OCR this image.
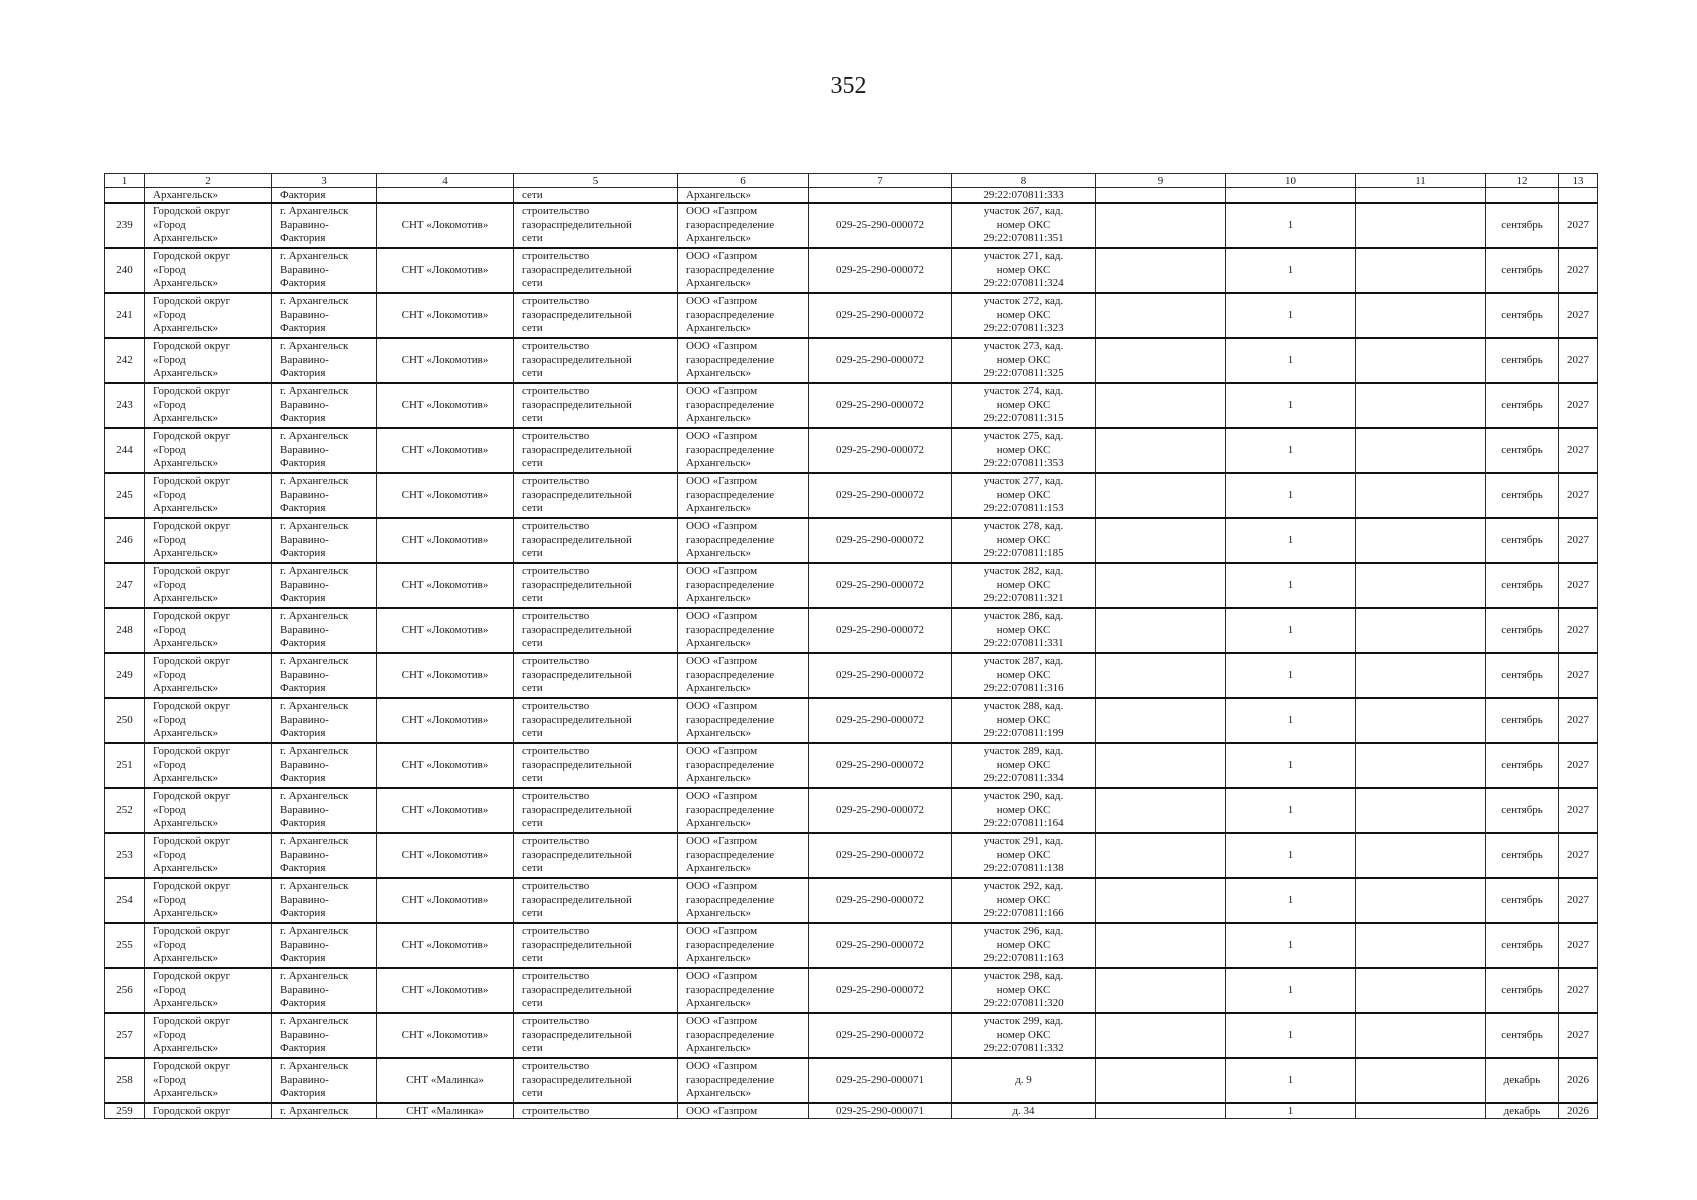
352
1	2	3	4	5	6	7	8	9	10	11	12	13
	Архангельск»	Фактория		сети	Архангельск»		29:22:070811:333					
239	Городской округ
«Город
Архангельск»	г. Архангельск
Варавино-
Фактория	СНТ «Локомотив»	строительство
газораспределительной
сети	ООО «Газпром
газораспределение
Архангельск»	029-25-290-000072	участок 267, кад.
номер ОКС
29:22:070811:351		1		сентябрь	2027
240	Городской округ
«Город
Архангельск»	г. Архангельск
Варавино-
Фактория	СНТ «Локомотив»	строительство
газораспределительной
сети	ООО «Газпром
газораспределение
Архангельск»	029-25-290-000072	участок 271, кад.
номер ОКС
29:22:070811:324		1		сентябрь	2027
241	Городской округ
«Город
Архангельск»	г. Архангельск
Варавино-
Фактория	СНТ «Локомотив»	строительство
газораспределительной
сети	ООО «Газпром
газораспределение
Архангельск»	029-25-290-000072	участок 272, кад.
номер ОКС
29:22:070811:323		1		сентябрь	2027
242	Городской округ
«Город
Архангельск»	г. Архангельск
Варавино-
Фактория	СНТ «Локомотив»	строительство
газораспределительной
сети	ООО «Газпром
газораспределение
Архангельск»	029-25-290-000072	участок 273, кад.
номер ОКС
29:22:070811:325		1		сентябрь	2027
243	Городской округ
«Город
Архангельск»	г. Архангельск
Варавино-
Фактория	СНТ «Локомотив»	строительство
газораспределительной
сети	ООО «Газпром
газораспределение
Архангельск»	029-25-290-000072	участок 274, кад.
номер ОКС
29:22:070811:315		1		сентябрь	2027
244	Городской округ
«Город
Архангельск»	г. Архангельск
Варавино-
Фактория	СНТ «Локомотив»	строительство
газораспределительной
сети	ООО «Газпром
газораспределение
Архангельск»	029-25-290-000072	участок 275, кад.
номер ОКС
29:22:070811:353		1		сентябрь	2027
245	Городской округ
«Город
Архангельск»	г. Архангельск
Варавино-
Фактория	СНТ «Локомотив»	строительство
газораспределительной
сети	ООО «Газпром
газораспределение
Архангельск»	029-25-290-000072	участок 277, кад.
номер ОКС
29:22:070811:153		1		сентябрь	2027
246	Городской округ
«Город
Архангельск»	г. Архангельск
Варавино-
Фактория	СНТ «Локомотив»	строительство
газораспределительной
сети	ООО «Газпром
газораспределение
Архангельск»	029-25-290-000072	участок 278, кад.
номер ОКС
29:22:070811:185		1		сентябрь	2027
247	Городской округ
«Город
Архангельск»	г. Архангельск
Варавино-
Фактория	СНТ «Локомотив»	строительство
газораспределительной
сети	ООО «Газпром
газораспределение
Архангельск»	029-25-290-000072	участок 282, кад.
номер ОКС
29:22:070811:321		1		сентябрь	2027
248	Городской округ
«Город
Архангельск»	г. Архангельск
Варавино-
Фактория	СНТ «Локомотив»	строительство
газораспределительной
сети	ООО «Газпром
газораспределение
Архангельск»	029-25-290-000072	участок 286, кад.
номер ОКС
29:22:070811:331		1		сентябрь	2027
249	Городской округ
«Город
Архангельск»	г. Архангельск
Варавино-
Фактория	СНТ «Локомотив»	строительство
газораспределительной
сети	ООО «Газпром
газораспределение
Архангельск»	029-25-290-000072	участок 287, кад.
номер ОКС
29:22:070811:316		1		сентябрь	2027
250	Городской округ
«Город
Архангельск»	г. Архангельск
Варавино-
Фактория	СНТ «Локомотив»	строительство
газораспределительной
сети	ООО «Газпром
газораспределение
Архангельск»	029-25-290-000072	участок 288, кад.
номер ОКС
29:22:070811:199		1		сентябрь	2027
251	Городской округ
«Город
Архангельск»	г. Архангельск
Варавино-
Фактория	СНТ «Локомотив»	строительство
газораспределительной
сети	ООО «Газпром
газораспределение
Архангельск»	029-25-290-000072	участок 289, кад.
номер ОКС
29:22:070811:334		1		сентябрь	2027
252	Городской округ
«Город
Архангельск»	г. Архангельск
Варавино-
Фактория	СНТ «Локомотив»	строительство
газораспределительной
сети	ООО «Газпром
газораспределение
Архангельск»	029-25-290-000072	участок 290, кад.
номер ОКС
29:22:070811:164		1		сентябрь	2027
253	Городской округ
«Город
Архангельск»	г. Архангельск
Варавино-
Фактория	СНТ «Локомотив»	строительство
газораспределительной
сети	ООО «Газпром
газораспределение
Архангельск»	029-25-290-000072	участок 291, кад.
номер ОКС
29:22:070811:138		1		сентябрь	2027
254	Городской округ
«Город
Архангельск»	г. Архангельск
Варавино-
Фактория	СНТ «Локомотив»	строительство
газораспределительной
сети	ООО «Газпром
газораспределение
Архангельск»	029-25-290-000072	участок 292, кад.
номер ОКС
29:22:070811:166		1		сентябрь	2027
255	Городской округ
«Город
Архангельск»	г. Архангельск
Варавино-
Фактория	СНТ «Локомотив»	строительство
газораспределительной
сети	ООО «Газпром
газораспределение
Архангельск»	029-25-290-000072	участок 296, кад.
номер ОКС
29:22:070811:163		1		сентябрь	2027
256	Городской округ
«Город
Архангельск»	г. Архангельск
Варавино-
Фактория	СНТ «Локомотив»	строительство
газораспределительной
сети	ООО «Газпром
газораспределение
Архангельск»	029-25-290-000072	участок 298, кад.
номер ОКС
29:22:070811:320		1		сентябрь	2027
257	Городской округ
«Город
Архангельск»	г. Архангельск
Варавино-
Фактория	СНТ «Локомотив»	строительство
газораспределительной
сети	ООО «Газпром
газораспределение
Архангельск»	029-25-290-000072	участок 299, кад.
номер ОКС
29:22:070811:332		1		сентябрь	2027
258	Городской округ
«Город
Архангельск»	г. Архангельск
Варавино-
Фактория	СНТ «Малинка»	строительство
газораспределительной
сети	ООО «Газпром
газораспределение
Архангельск»	029-25-290-000071	д. 9		1		декабрь	2026
259	Городской округ	г. Архангельск	СНТ «Малинка»	строительство	ООО «Газпром	029-25-290-000071	д. 34		1		декабрь	2026
